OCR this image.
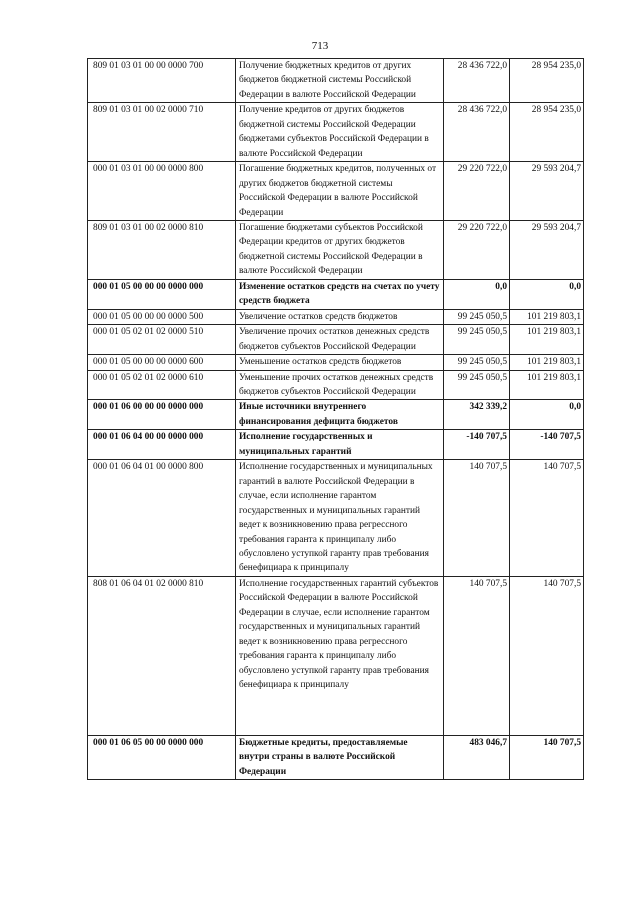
713
809 01 03 01 00 00 0000 700	Получение бюджетных кредитов от других бюджетов бюджетной системы Российской Федерации в валюте Российской Федерации	28 436 722,0	28 954 235,0
809 01 03 01 00 02 0000 710	Получение кредитов от других бюджетов бюджетной системы Российской Федерации бюджетами субъектов Российской Федерации в валюте Российской Федерации	28 436 722,0	28 954 235,0
000 01 03 01 00 00 0000 800	Погашение бюджетных кредитов, полученных от других бюджетов бюджетной системы Российской Федерации в валюте Российской Федерации	29 220 722,0	29 593 204,7
809 01 03 01 00 02 0000 810	Погашение бюджетами субъектов Российской Федерации кредитов от других бюджетов бюджетной системы Российской Федерации в валюте Российской Федерации	29 220 722,0	29 593 204,7
000 01 05 00 00 00 0000 000	Изменение остатков средств на счетах по учету средств бюджета	0,0	0,0
000 01 05 00 00 00 0000 500	Увеличение остатков средств бюджетов	99 245 050,5	101 219 803,1
000 01 05 02 01 02 0000 510	Увеличение прочих остатков денежных средств бюджетов субъектов Российской Федерации	99 245 050,5	101 219 803,1
000 01 05 00 00 00 0000 600	Уменьшение остатков средств бюджетов	99 245 050,5	101 219 803,1
000 01 05 02 01 02 0000 610	Уменьшение прочих остатков денежных средств бюджетов субъектов Российской Федерации	99 245 050,5	101 219 803,1
000 01 06 00 00 00 0000 000	Иные источники внутреннего финансирования дефицита бюджетов	342 339,2	0,0
000 01 06 04 00 00 0000 000	Исполнение государственных и муниципальных гарантий	-140 707,5	-140 707,5
000 01 06 04 01 00 0000 800	Исполнение государственных и муниципальных гарантий в валюте Российской Федерации в случае, если исполнение гарантом государственных и муниципальных гарантий ведет к возникновению права регрессного требования гаранта к принципалу либо обусловлено уступкой гаранту прав требования бенефициара к принципалу	140 707,5	140 707,5
808 01 06 04 01 02 0000 810	Исполнение государственных гарантий субъектов Российской Федерации в валюте Российской Федерации в случае, если исполнение гарантом государственных и муниципальных гарантий ведет к возникновению права регрессного требования гаранта к принципалу либо обусловлено уступкой гаранту прав требования бенефициара к принципалу	140 707,5	140 707,5
000 01 06 05 00 00 0000 000	Бюджетные кредиты, предоставляемые внутри страны в валюте Российской Федерации	483 046,7	140 707,5
